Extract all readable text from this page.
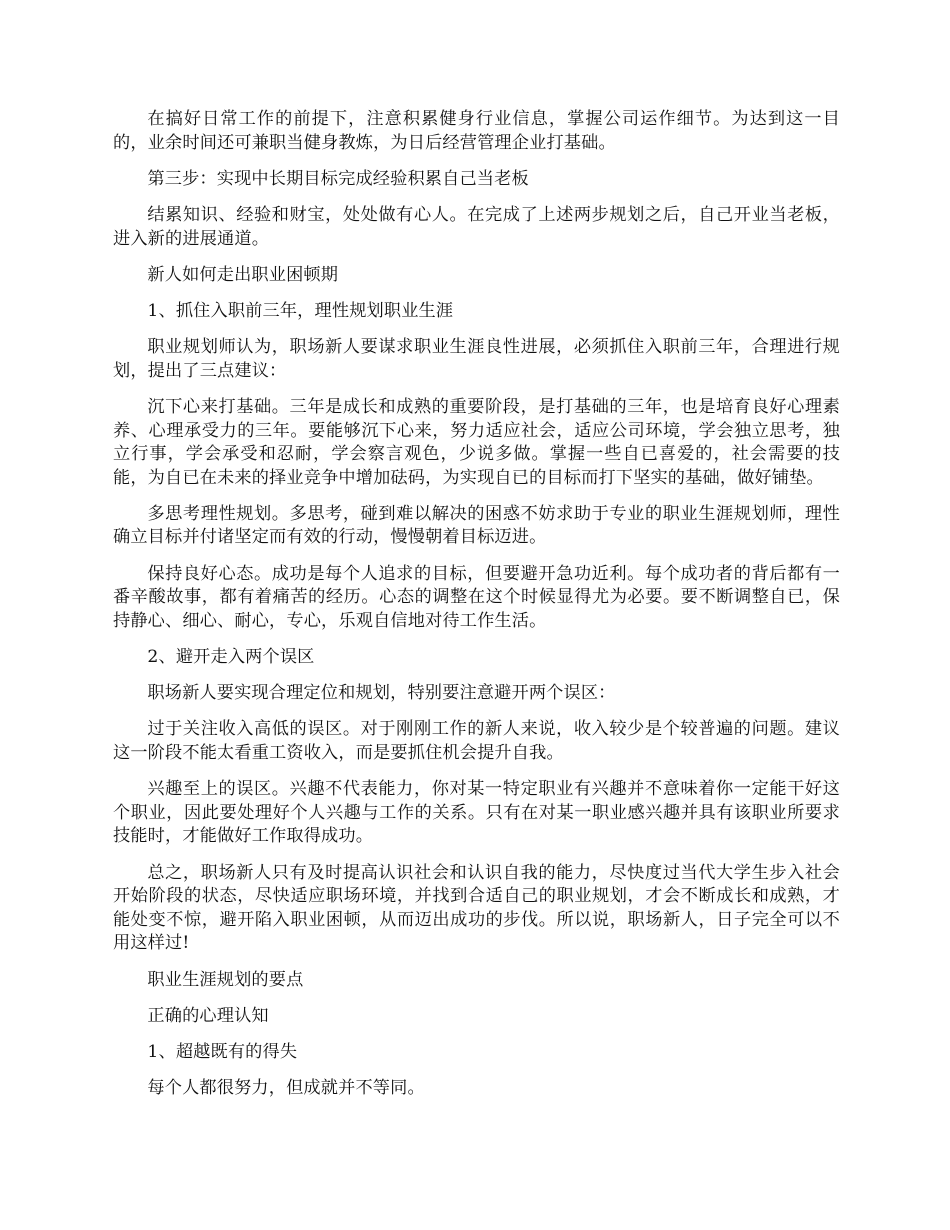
在搞好日常工作的前提下，注意积累健身行业信息，掌握公司运作细节。为达到这一目的，业余时间还可兼职当健身教炼，为日后经营管理企业打基础。

第三步：实现中长期目标完成经验积累自己当老板

结累知识、经验和财宝，处处做有心人。在完成了上述两步规划之后，自己开业当老板，进入新的进展通道。

新人如何走出职业困顿期

1、抓住入职前三年，理性规划职业生涯

职业规划师认为，职场新人要谋求职业生涯良性进展，必须抓住入职前三年，合理进行规划，提出了三点建议：

沉下心来打基础。三年是成长和成熟的重要阶段，是打基础的三年，也是培育良好心理素养、心理承受力的三年。要能够沉下心来，努力适应社会，适应公司环境，学会独立思考，独立行事，学会承受和忍耐，学会察言观色，少说多做。掌握一些自已喜爱的，社会需要的技能，为自已在未来的择业竞争中增加砝码，为实现自已的目标而打下坚实的基础，做好铺垫。

多思考理性规划。多思考，碰到难以解决的困惑不妨求助于专业的职业生涯规划师，理性确立目标并付诸坚定而有效的行动，慢慢朝着目标迈进。

保持良好心态。成功是每个人追求的目标，但要避开急功近利。每个成功者的背后都有一番辛酸故事，都有着痛苦的经历。心态的调整在这个时候显得尤为必要。要不断调整自已，保持静心、细心、耐心，专心，乐观自信地对待工作生活。

2、避开走入两个误区

职场新人要实现合理定位和规划，特别要注意避开两个误区：

过于关注收入高低的误区。对于刚刚工作的新人来说，收入较少是个较普遍的问题。建议这一阶段不能太看重工资收入，而是要抓住机会提升自我。

兴趣至上的误区。兴趣不代表能力，你对某一特定职业有兴趣并不意味着你一定能干好这个职业，因此要处理好个人兴趣与工作的关系。只有在对某一职业感兴趣并具有该职业所要求技能时，才能做好工作取得成功。

总之，职场新人只有及时提高认识社会和认识自我的能力，尽快度过当代大学生步入社会开始阶段的状态，尽快适应职场环境，并找到合适自己的职业规划，才会不断成长和成熟，才能处变不惊，避开陷入职业困顿，从而迈出成功的步伐。所以说，职场新人，日子完全可以不用这样过!

职业生涯规划的要点

正确的心理认知

1、超越既有的得失

每个人都很努力，但成就并不等同。
